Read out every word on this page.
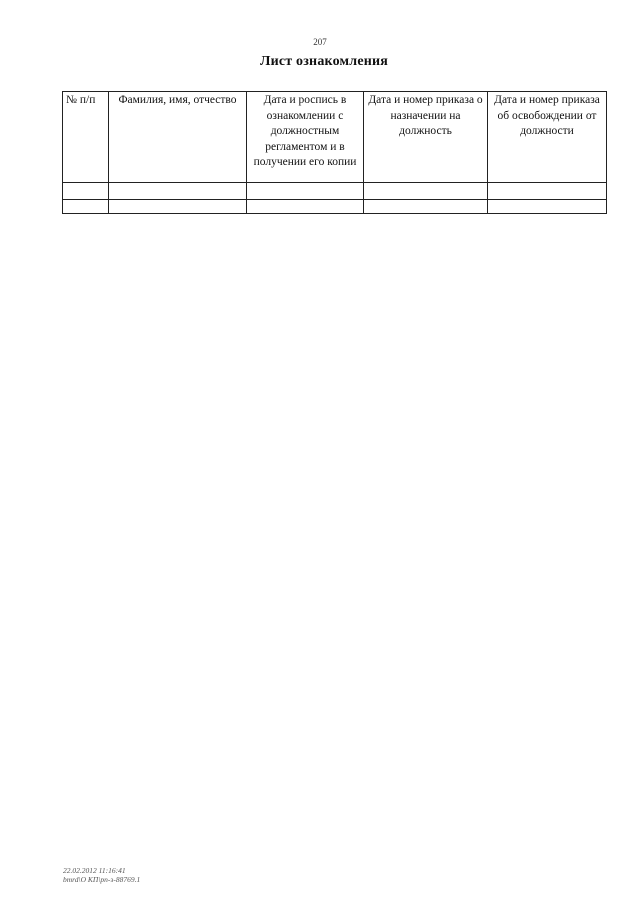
207
Лист ознакомления
№ п/п	Фамилия, имя, отчество	Дата и роспись в ознакомлении с должностным регламентом и в получении его копии	Дата и номер приказа о назначении на должность	Дата и номер приказа об освобождении от должности

22.02.2012 11:16:41
bmrd\O КП\рп-з-88769.1
